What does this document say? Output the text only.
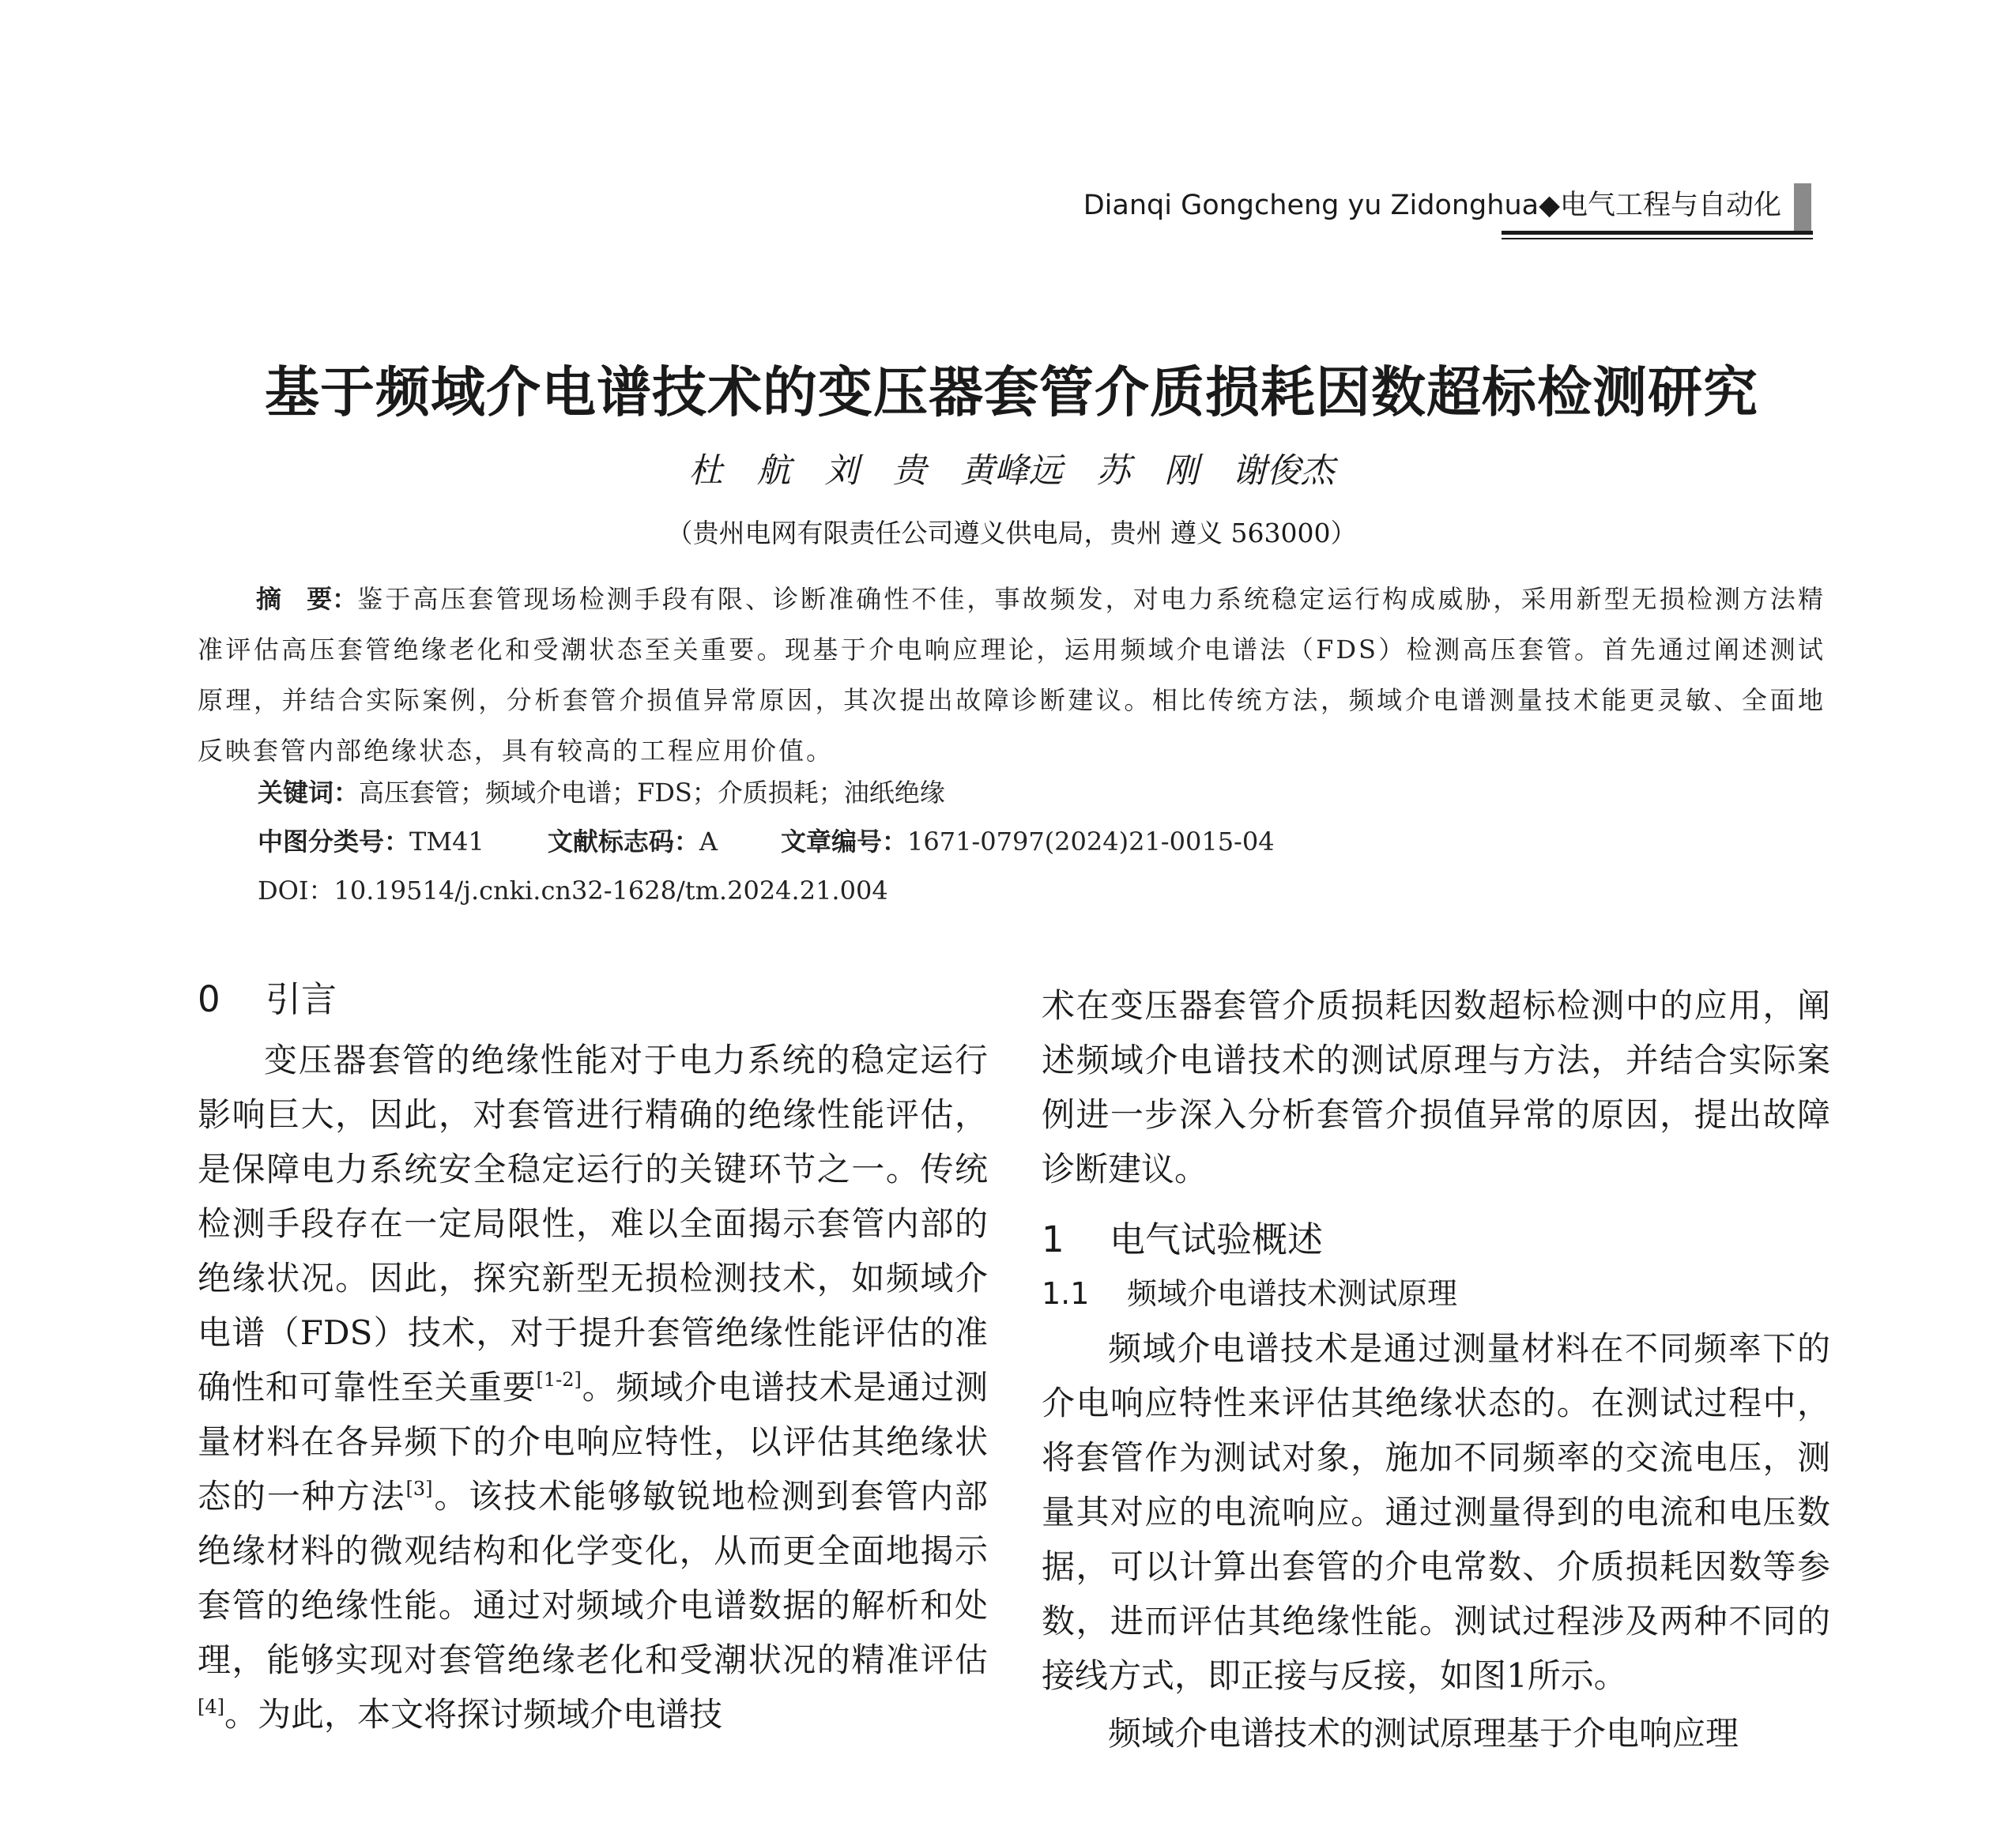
Dianqi Gongcheng yu Zidonghua◆电气工程与自动化
基于频域介电谱技术的变压器套管介质损耗因数超标检测研究
杜　航　刘　贵　黄峰远　苏　刚　谢俊杰
（贵州电网有限责任公司遵义供电局，贵州 遵义 563000）
摘　要：鉴于高压套管现场检测手段有限、诊断准确性不佳，事故频发，对电力系统稳定运行构成威胁，采用新型无损检测方法精准评估高压套管绝缘老化和受潮状态至关重要。现基于介电响应理论，运用频域介电谱法（FDS）检测高压套管。首先通过阐述测试原理，并结合实际案例，分析套管介损值异常原因，其次提出故障诊断建议。相比传统方法，频域介电谱测量技术能更灵敏、全面地反映套管内部绝缘状态，具有较高的工程应用价值。
关键词：高压套管；频域介电谱；FDS；介质损耗；油纸绝缘
中图分类号：TM41	文献标志码：A	文章编号：1671-0797(2024)21-0015-04
DOI：10.19514/j.cnki.cn32-1628/tm.2024.21.004
0 引言

变压器套管的绝缘性能对于电力系统的稳定运行影响巨大，因此，对套管进行精确的绝缘性能评估，是保障电力系统安全稳定运行的关键环节之一。传统检测手段存在一定局限性，难以全面揭示套管内部的绝缘状况。因此，探究新型无损检测技术，如频域介电谱（FDS）技术，对于提升套管绝缘性能评估的准确性和可靠性至关重要[1-2]。频域介电谱技术是通过测量材料在各异频下的介电响应特性，以评估其绝缘状态的一种方法[3]。该技术能够敏锐地检测到套管内部绝缘材料的微观结构和化学变化，从而更全面地揭示套管的绝缘性能。通过对频域介电谱数据的解析和处理，能够实现对套管绝缘老化和受潮状况的精准评估[4]。为此，本文将探讨频域介电谱技

术在变压器套管介质损耗因数超标检测中的应用，阐述频域介电谱技术的测试原理与方法，并结合实际案例进一步深入分析套管介损值异常的原因，提出故障诊断建议。

1 电气试验概述
1.1 频域介电谱技术测试原理

频域介电谱技术是通过测量材料在不同频率下的介电响应特性来评估其绝缘状态的。在测试过程中，将套管作为测试对象，施加不同频率的交流电压，测量其对应的电流响应。通过测量得到的电流和电压数据，可以计算出套管的介电常数、介质损耗因数等参数，进而评估其绝缘性能。测试过程涉及两种不同的接线方式，即正接与反接，如图1所示。

频域介电谱技术的测试原理基于介电响应理
